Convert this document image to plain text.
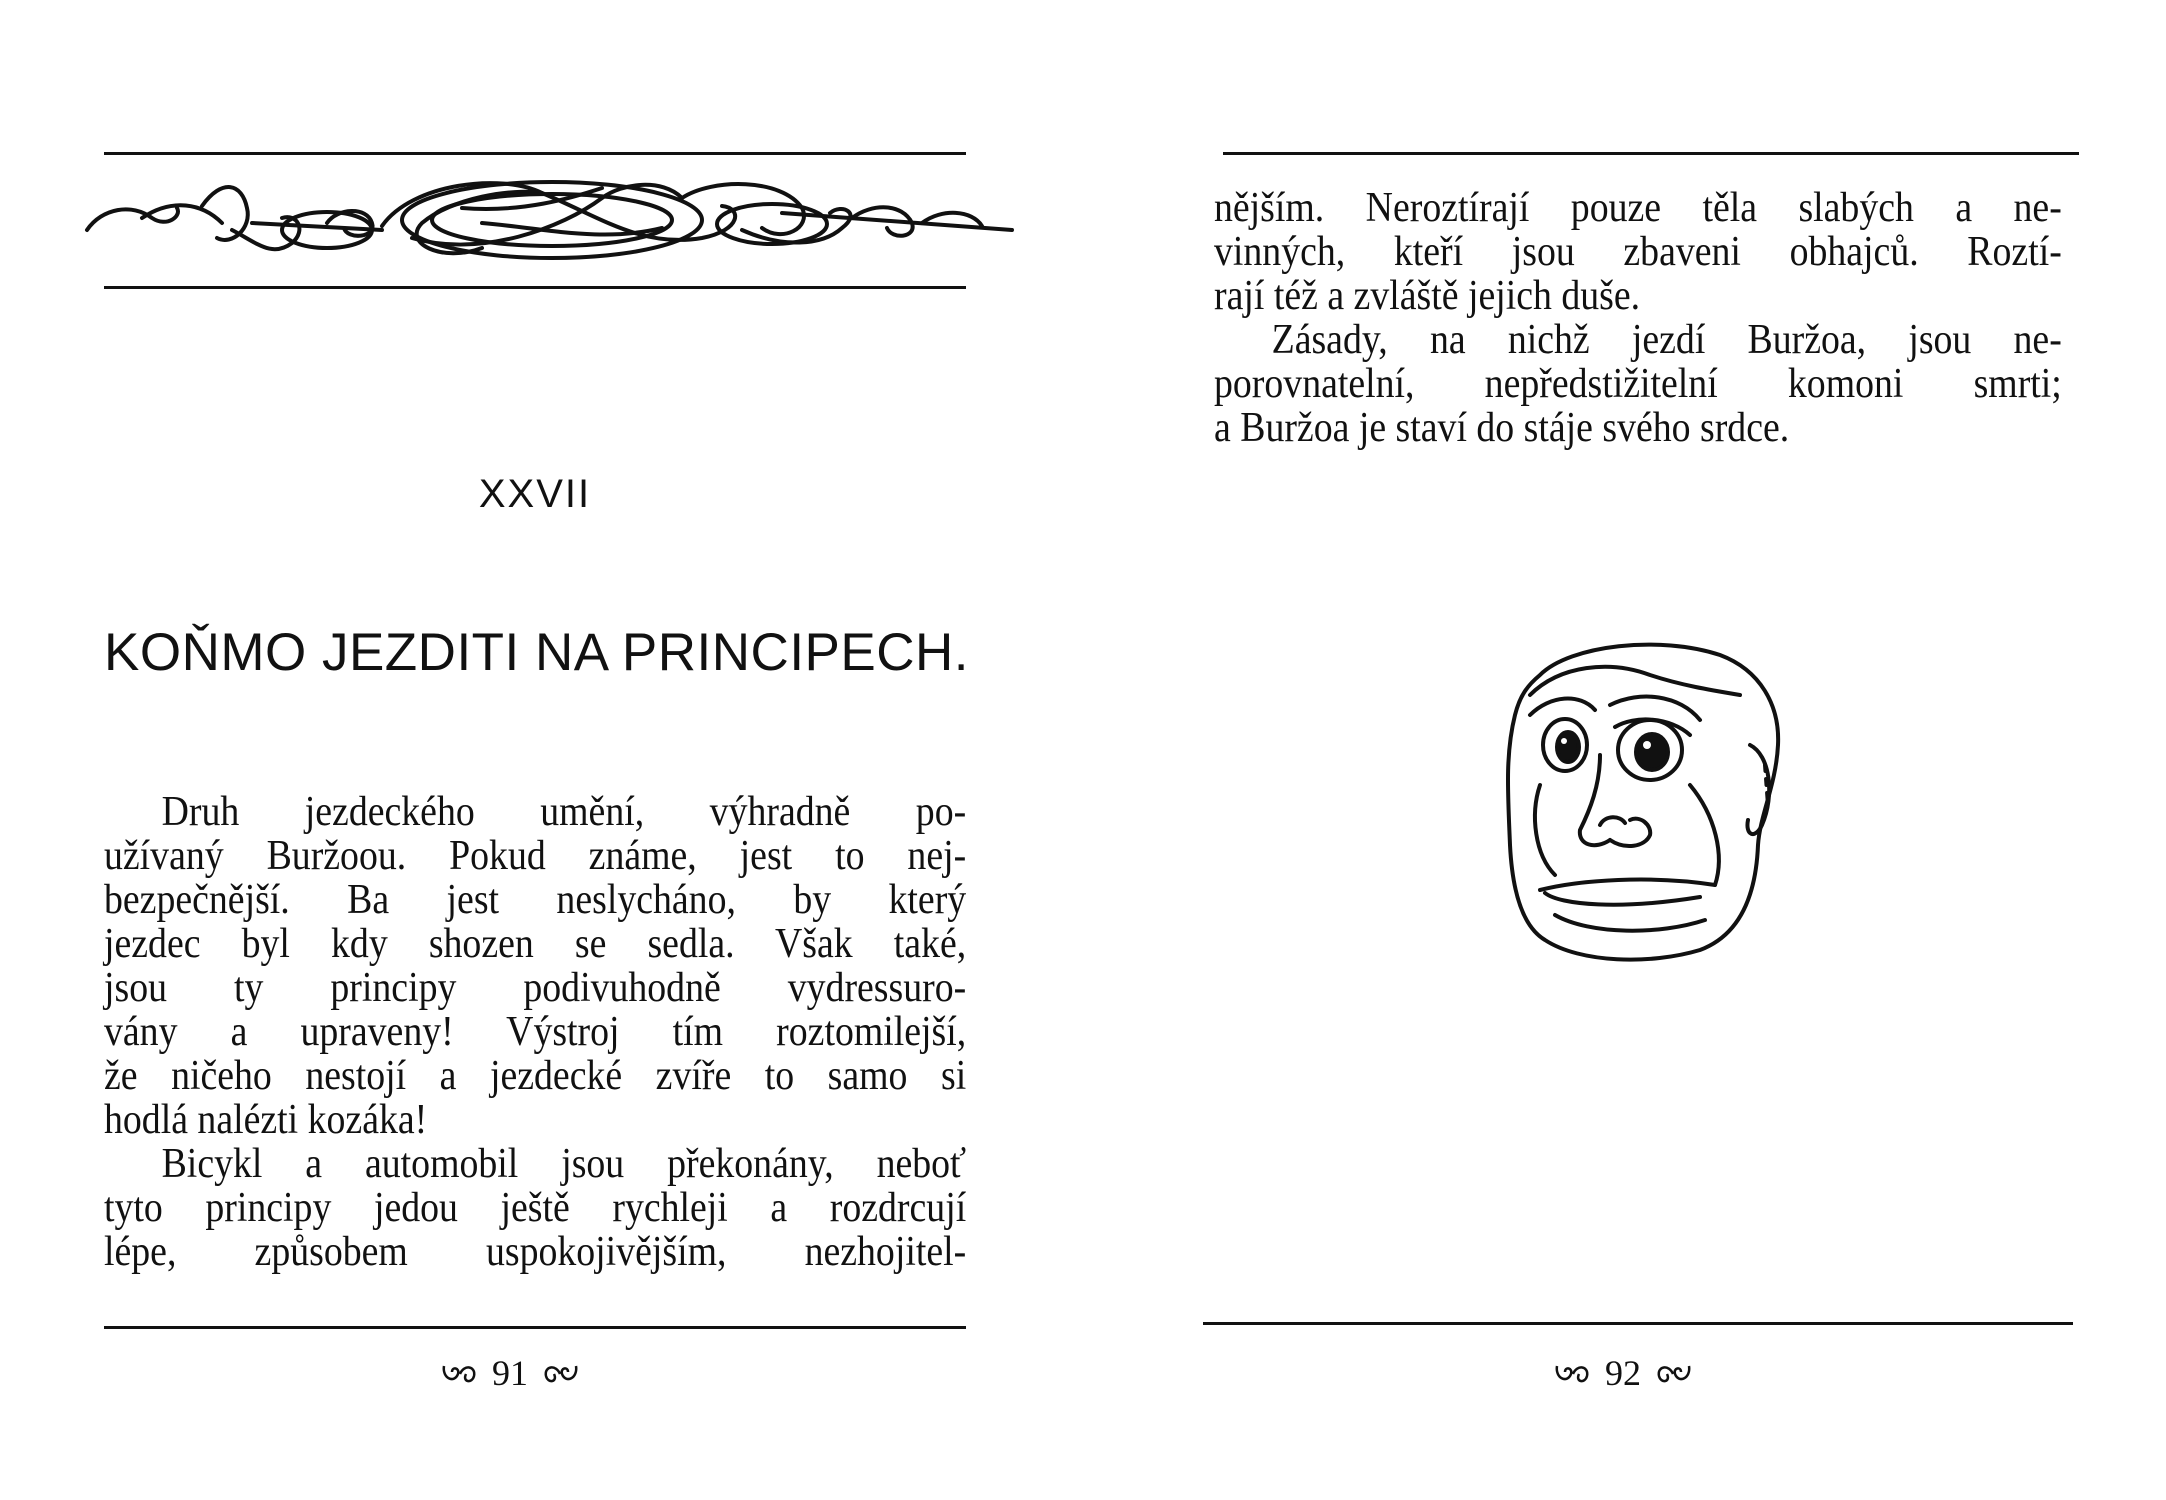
XXVII
KOŇMO JEZDITI NA PRINCIPECH.
Druh jezdeckého umění, výhradně po-
užívaný Buržoou. Pokud známe, jest to nej-
bezpečnější. Ba jest neslycháno, by který
jezdec byl kdy shozen se sedla. Však také,
jsou ty principy podivuhodně vydressuro-
vány a upraveny! Výstroj tím roztomilejší,
že ničeho nestojí a jezdecké zvíře to samo si
hodlá nalézti kozáka!
Bicykl a automobil jsou překonány, neboť
tyto principy jedou ještě rychleji a rozdrcují
lépe, způsobem uspokojivějším, nezhojitel-
91
nějším. Neroztírají pouze těla slabých a ne-
vinných, kteří jsou zbaveni obhajců. Roztí-
rají též a zvláště jejich duše.
Zásady, na nichž jezdí Buržoa, jsou ne-
porovnatelní, nepředstižitelní komoni smrti;
a Buržoa je staví do stáje svého srdce.
92
